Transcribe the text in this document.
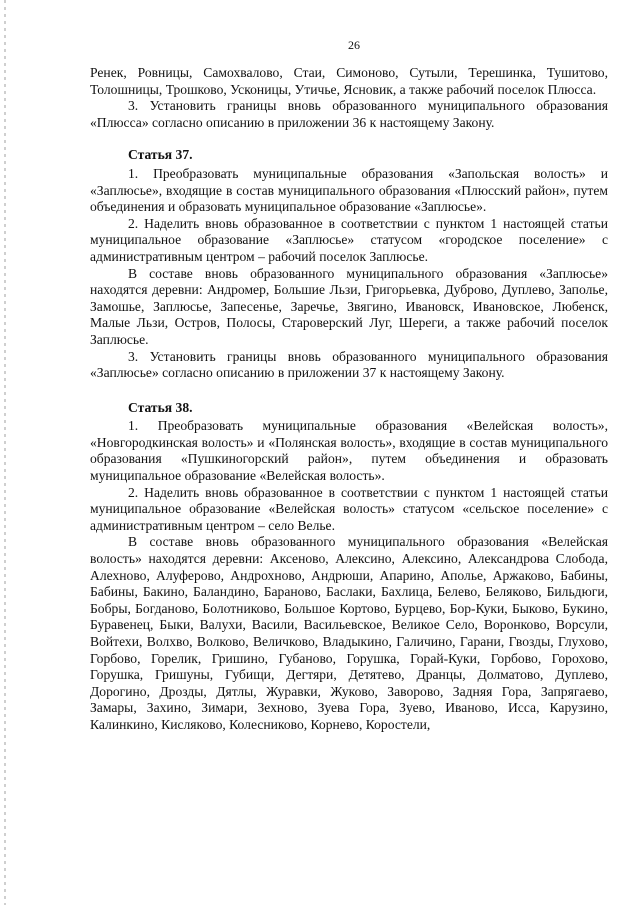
26

Ренек, Ровницы, Самохвалово, Стаи, Симоново, Сутыли, Терешинка, Тушитово, Толошницы, Трошково, Усконицы, Утичье, Ясновик, а также рабочий поселок Плюсса.

3. Установить границы вновь образованного муниципального образования «Плюсса» согласно описанию в приложении 36 к настоящему Закону.

Статья 37.

1. Преобразовать муниципальные образования «Запольская волость» и «Заплюсье», входящие в состав муниципального образования «Плюсский район», путем объединения и образовать муниципальное образование «Заплюсье».

2. Наделить вновь образованное в соответствии с пунктом 1 настоящей статьи муниципальное образование «Заплюсье» статусом «городское поселение» с административным центром – рабочий поселок Заплюсье.

В составе вновь образованного муниципального образования «Заплюсье» находятся деревни: Андромер, Большие Льзи, Григорьевка, Дуброво, Дуплево, Заполье, Замошье, Заплюсье, Запесенье, Заречье, Звягино, Ивановск, Ивановское, Любенск, Малые Льзи, Остров, Полосы, Староверский Луг, Шереги, а также рабочий поселок Заплюсье.

3. Установить границы вновь образованного муниципального образования «Заплюсье» согласно описанию в приложении 37 к настоящему Закону.

Статья 38.

1. Преобразовать муниципальные образования «Велейская волость», «Новгородкинская волость» и «Полянская волость», входящие в состав муниципального образования «Пушкиногорский район», путем объединения и образовать муниципальное образование «Велейская волость».

2. Наделить вновь образованное в соответствии с пунктом 1 настоящей статьи муниципальное образование «Велейская волость» статусом «сельское поселение» с административным центром – село Велье.

В составе вновь образованного муниципального образования «Велейская волость» находятся деревни: Аксеново, Алексино, Алексино, Александрова Слобода, Алехново, Алуферово, Андрохново, Андрюши, Апарино, Аполье, Аржаково, Бабины, Бабины, Бакино, Баландино, Бараново, Баслаки, Бахлица, Белево, Беляково, Бильдюги, Бобры, Богданово, Болотниково, Большое Кортово, Бурцево, Бор-Куки, Быково, Букино, Буравенец, Быки, Валухи, Васили, Васильевское, Великое Село, Воронково, Ворсули, Войтехи, Волхво, Волково, Величково, Владыкино, Галичино, Гарани, Гвозды, Глухово, Горбово, Горелик, Гришино, Губаново, Горушка, Горай-Куки, Горбово, Горохово, Горушка, Гришуны, Губищи, Дегтяри, Детятево, Дранцы, Долматово, Дуплево, Дорогино, Дрозды, Дятлы, Журавки, Жуково, Заворово, Задняя Гора, Запрягаево, Замары, Захино, Зимари, Зехново, Зуева Гора, Зуево, Иваново, Исса, Карузино, Калинкино, Кисляково, Колесниково, Корнево, Коростели,
